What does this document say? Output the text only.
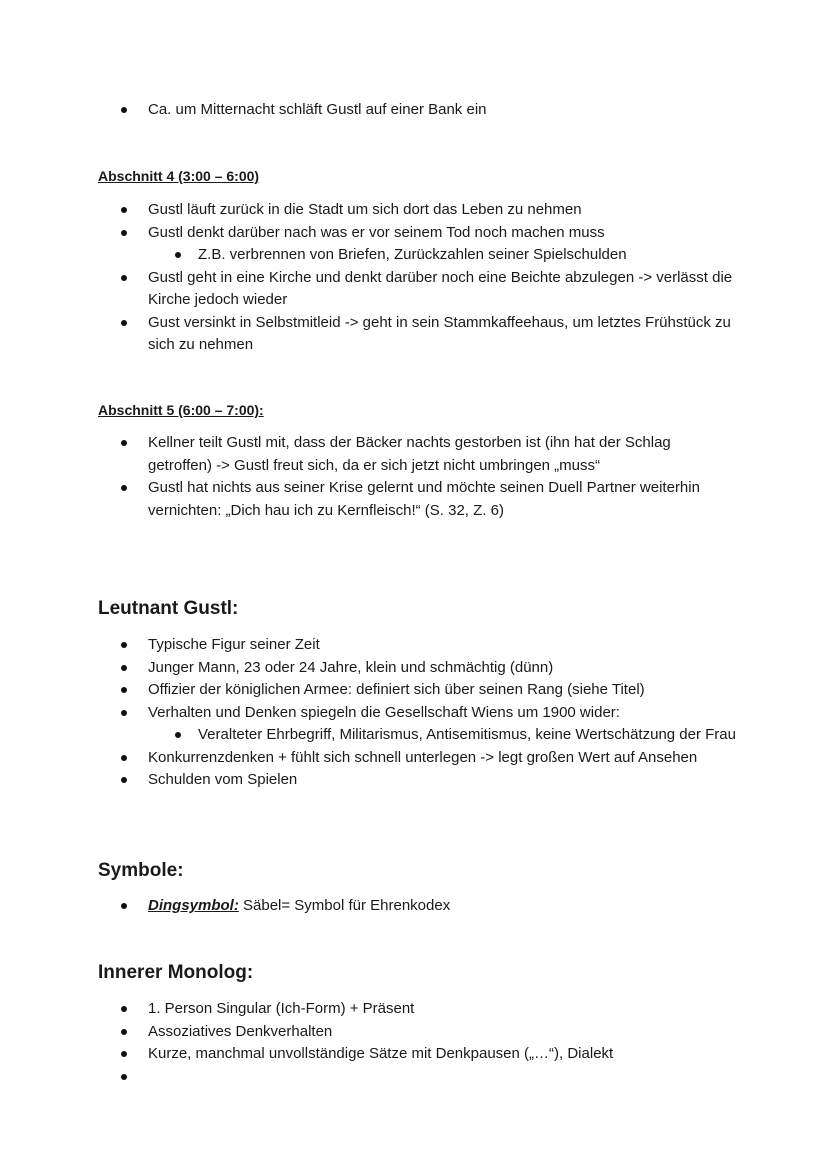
Ca. um Mitternacht schläft Gustl auf einer Bank ein
Abschnitt 4 (3:00 – 6:00)
Gustl läuft zurück in die Stadt um sich dort das Leben zu nehmen
Gustl denkt darüber nach was er vor seinem Tod noch machen muss
Z.B. verbrennen von Briefen, Zurückzahlen seiner Spielschulden
Gustl geht in eine Kirche und denkt darüber noch eine Beichte abzulegen -> verlässt die Kirche jedoch wieder
Gust versinkt in Selbstmitleid -> geht in sein Stammkaffeehaus, um letztes Frühstück zu sich zu nehmen
Abschnitt 5 (6:00 – 7:00):
Kellner teilt Gustl mit, dass der Bäcker nachts gestorben ist (ihn hat der Schlag getroffen) -> Gustl freut sich, da er sich jetzt nicht umbringen „muss“
Gustl hat nichts aus seiner Krise gelernt und möchte seinen Duell Partner weiterhin vernichten: „Dich hau ich zu Kernfleisch!“ (S. 32, Z. 6)
Leutnant Gustl:
Typische Figur seiner Zeit
Junger Mann, 23 oder 24 Jahre, klein und schmächtig (dünn)
Offizier der königlichen Armee: definiert sich über seinen Rang (siehe Titel)
Verhalten und Denken spiegeln die Gesellschaft Wiens um 1900 wider:
Veralteter Ehrbegriff, Militarismus, Antisemitismus, keine Wertschätzung der Frau
Konkurrenzdenken + fühlt sich schnell unterlegen -> legt großen Wert auf Ansehen
Schulden vom Spielen
Symbole:
Dingsymbol: Säbel= Symbol für Ehrenkodex
Innerer Monolog:
1. Person Singular (Ich-Form) + Präsent
Assoziatives Denkverhalten
Kurze, manchmal unvollständige Sätze mit Denkpausen („…“), Dialekt
